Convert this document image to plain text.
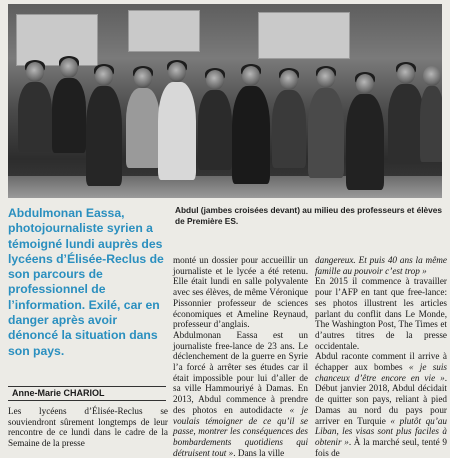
Abdul (jambes croisées devant) au milieu des professeurs et élèves de Première ES.
Abdulmonan Eassa, photojournaliste syrien a témoigné lundi auprès des lycéens d’Élisée-Reclus de son parcours de professionnel de l’information. Exilé, car en danger après avoir dénoncé la situation dans son pays.
Anne-Marie CHARIOL

Les lycéens d’Élisée-Reclus se souviendront sûrement longtemps de leur rencontre de ce lundi dans le cadre de la Semaine de la presse

monté un dossier pour accueillir un journaliste et le lycée a été retenu. Elle était lundi en salle polyvalente avec ses élèves, de même Véronique Pissonnier professeur de sciences économiques et Ameline Reynaud, professeur d’anglais.

Abdulmonan Eassa est un journaliste free-lance de 23 ans. Le déclenchement de la guerre en Syrie l’a forcé à arrêter ses études car il était impossible pour lui d’aller de sa ville Hammouriyé à Damas. En 2013, Abdul commence à prendre des photos en autodidacte « je voulais témoigner de ce qu’il se passe, montrer les conséquences des bombardements quotidiens qui détruisent tout ». Dans la ville

dangereux. Et puis 40 ans la même famille au pouvoir c’est trop »

En 2015 il commence à travailler pour l’AFP en tant que free-lance: ses photos illustrent les articles parlant du conflit dans Le Monde, The Washington Post, The Times et d’autres titres de la presse occidentale.

Abdul raconte comment il arrive à échapper aux bombes « je suis chanceux d’être encore en vie ». Début janvier 2018, Abdul décidait de quitter son pays, reliant à pied Damas au nord du pays pour arriver en Turquie « plutôt qu’au Liban, les visas sont plus faciles à obtenir ». À la marché seul, tenté 9 fois de
